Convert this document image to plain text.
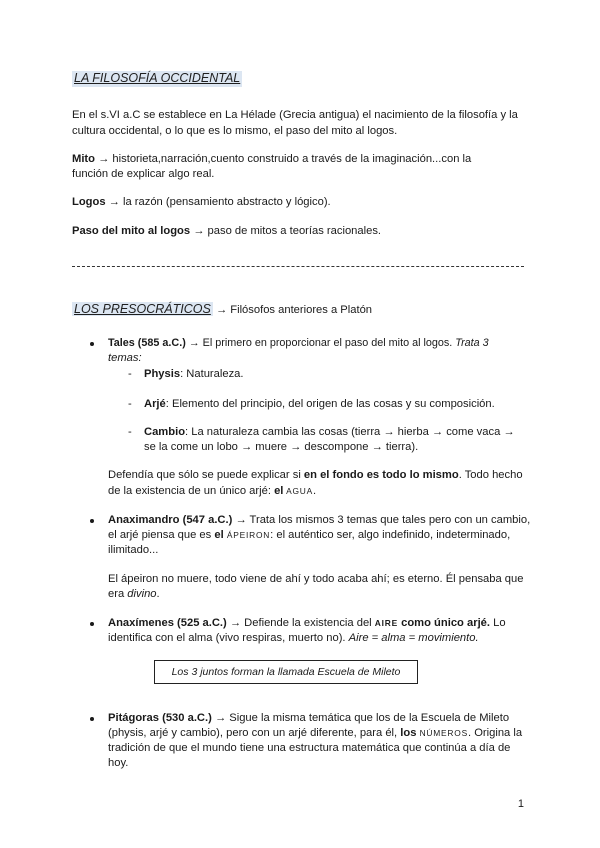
LA FILOSOFÍA OCCIDENTAL

En el s.VI a.C se establece en La Hélade (Grecia antigua) el nacimiento de la filosofía y la

cultura occidental, o lo que es lo mismo, el paso del mito al logos.

Mito → historieta,narración,cuento construido a través de la imaginación...con la

función de explicar algo real.

Logos → la razón (pensamiento abstracto y lógico).

Paso del mito al logos → paso de mitos a teorías racionales.

LOS PRESOCRÁTICOS → Filósofos anteriores a Platón

Tales (585 a.C.) → El primero en proporcionar el paso del mito al logos. Trata 3

temas:

- Physis: Naturaleza.

- Arjé: Elemento del principio, del origen de las cosas y su composición.

- Cambio: La naturaleza cambia las cosas (tierra → hierba → come vaca →

se la come un lobo → muere → descompone → tierra).

Defendía que sólo se puede explicar si en el fondo es todo lo mismo. Todo hecho

de la existencia de un único arjé: el AGUA.

Anaximandro (547 a.C.) → Trata los mismos 3 temas que tales pero con un cambio,

el arjé piensa que es el ÁPEIRON: el auténtico ser, algo indefinido, indeterminado,

ilimitado...

El ápeiron no muere, todo viene de ahí y todo acaba ahí; es eterno. Él pensaba que

era divino.

Anaxímenes (525 a.C.) → Defiende la existencia del AIRE como único arjé. Lo

identifica con el alma (vivo respiras, muerto no). Aire = alma = movimiento.

Los 3 juntos forman la llamada Escuela de Mileto

Pitágoras (530 a.C.) → Sigue la misma temática que los de la Escuela de Mileto

(physis, arjé y cambio), pero con un arjé diferente, para él, los NÚMEROS. Origina la

tradición de que el mundo tiene una estructura matemática que continúa a día de

hoy.

1
